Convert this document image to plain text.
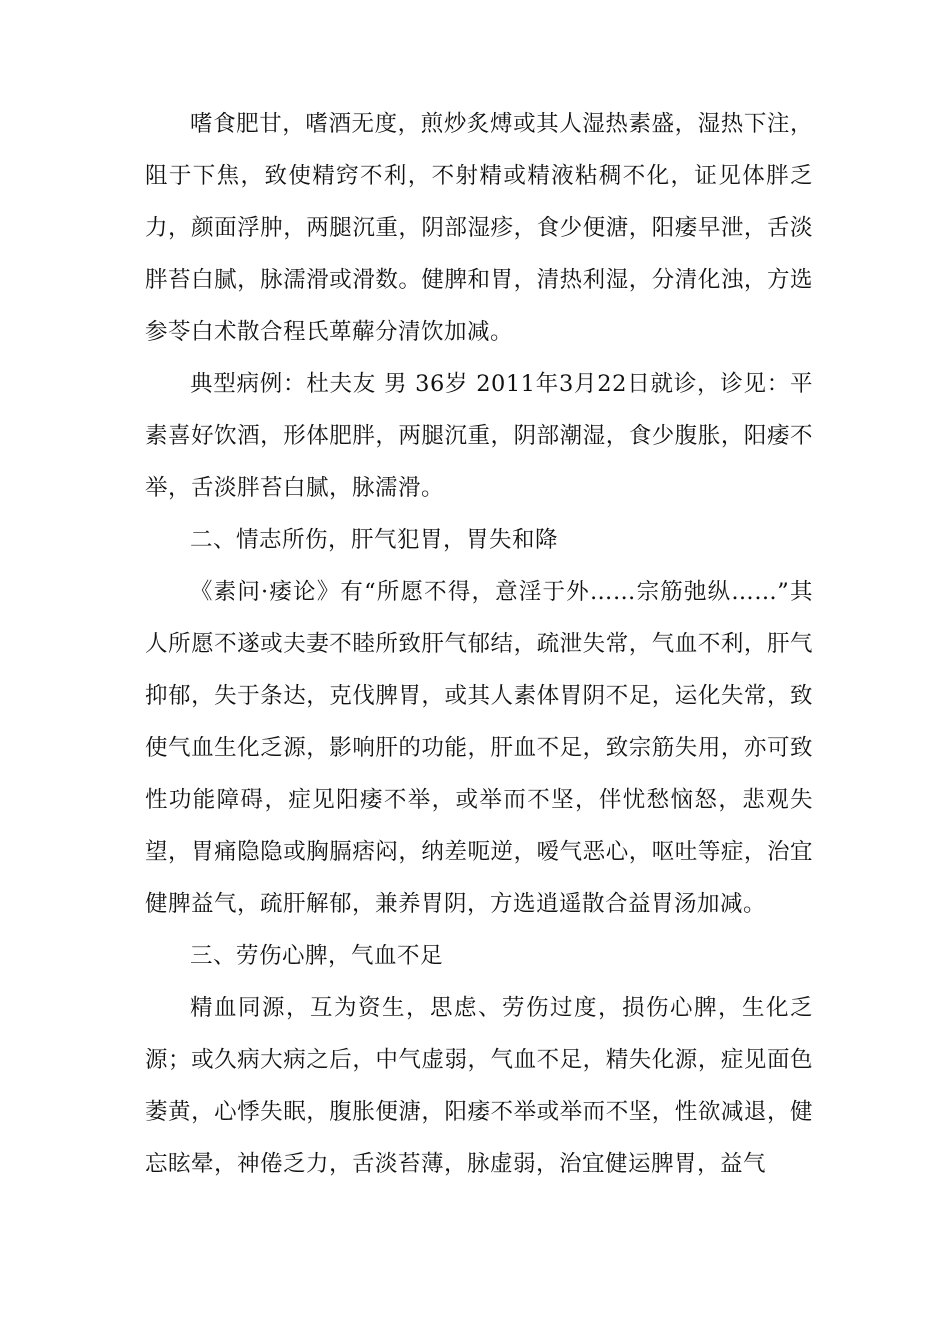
嗜食肥甘，嗜酒无度，煎炒炙煿或其人湿热素盛，湿热下注，阻于下焦，致使精窍不利，不射精或精液粘稠不化，证见体胖乏力，颜面浮肿，两腿沉重，阴部湿疹，食少便溏，阳痿早泄，舌淡胖苔白腻，脉濡滑或滑数。健脾和胃，清热利湿，分清化浊，方选参苓白术散合程氏萆薢分清饮加减。

典型病例：杜夫友 男 36岁 2011年3月22日就诊，诊见：平素喜好饮酒，形体肥胖，两腿沉重，阴部潮湿，食少腹胀，阳痿不举，舌淡胖苔白腻，脉濡滑。

二、情志所伤，肝气犯胃，胃失和降

《素问·痿论》有“所愿不得，意淫于外……宗筋弛纵……”其人所愿不遂或夫妻不睦所致肝气郁结，疏泄失常，气血不利，肝气抑郁，失于条达，克伐脾胃，或其人素体胃阴不足，运化失常，致使气血生化乏源，影响肝的功能，肝血不足，致宗筋失用，亦可致性功能障碍，症见阳痿不举，或举而不坚，伴忧愁恼怒，悲观失望，胃痛隐隐或胸膈痞闷，纳差呃逆，嗳气恶心，呕吐等症，治宜健脾益气，疏肝解郁，兼养胃阴，方选逍遥散合益胃汤加减。

三、劳伤心脾，气血不足

精血同源，互为资生，思虑、劳伤过度，损伤心脾，生化乏源；或久病大病之后，中气虚弱，气血不足，精失化源，症见面色萎黄，心悸失眠，腹胀便溏，阳痿不举或举而不坚，性欲减退，健忘眩晕，神倦乏力，舌淡苔薄，脉虚弱，治宜健运脾胃，益气
